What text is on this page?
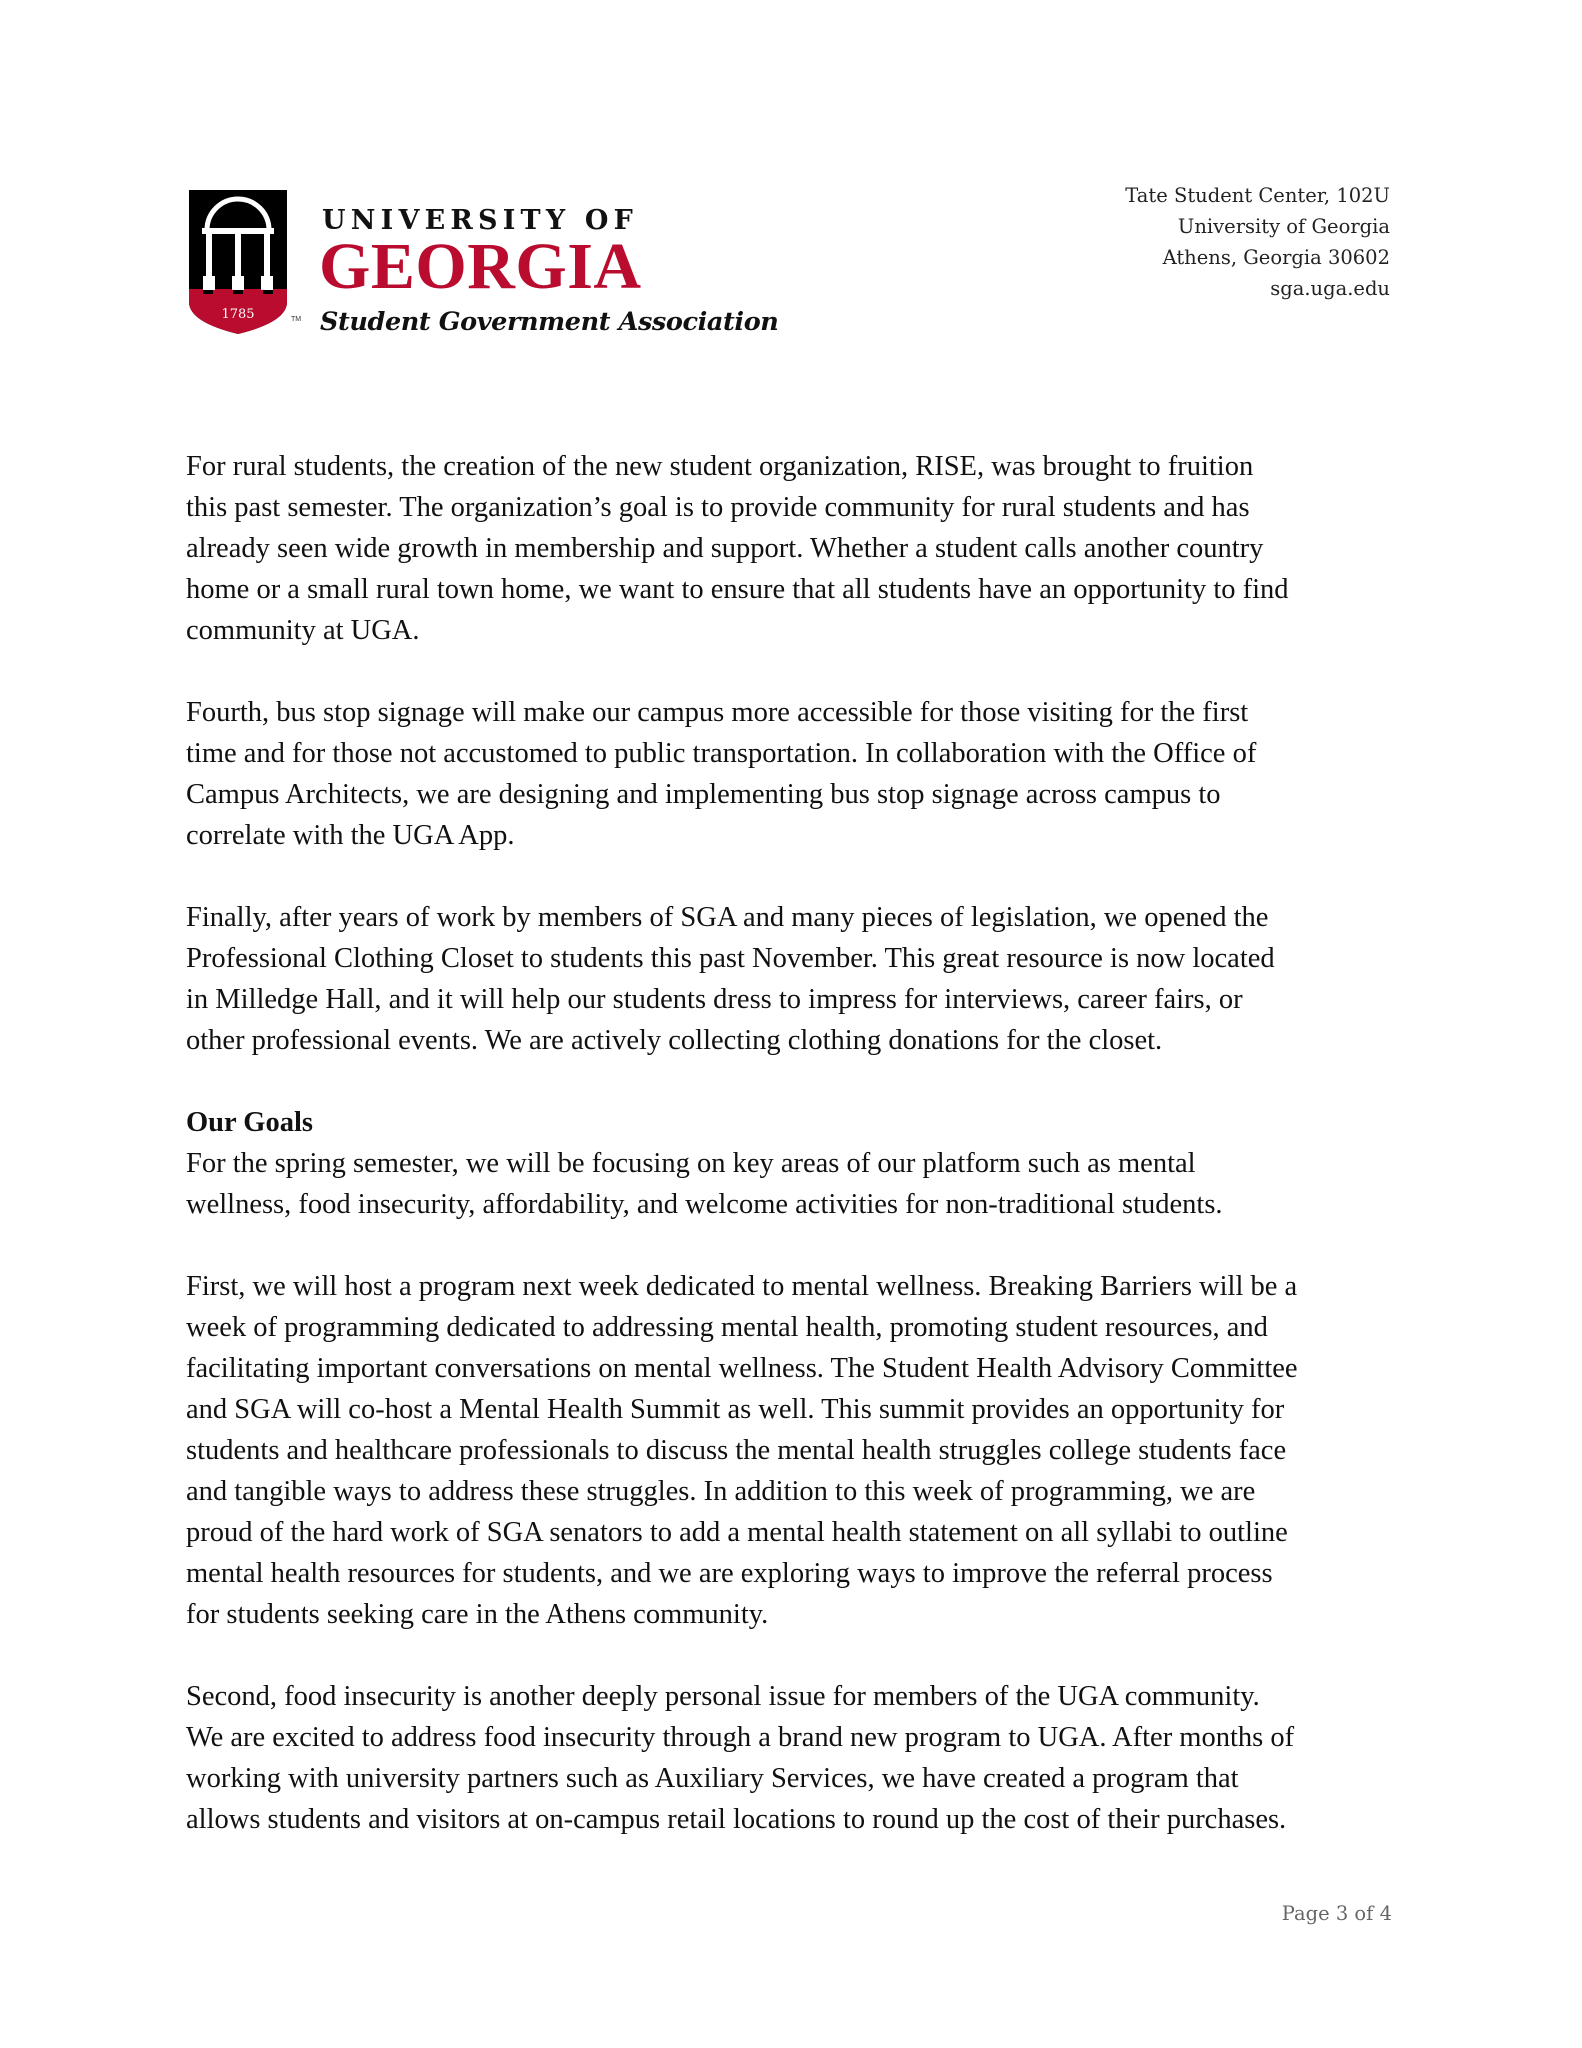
1785	TM
UNIVERSITY OF
GEORGIA
Student Government Association
Tate Student Center, 102U
University of Georgia
Athens, Georgia 30602
sga.uga.edu
For rural students, the creation of the new student organization, RISE, was brought to fruition
this past semester. The organization’s goal is to provide community for rural students and has
already seen wide growth in membership and support. Whether a student calls another country
home or a small rural town home, we want to ensure that all students have an opportunity to find
community at UGA.
Fourth, bus stop signage will make our campus more accessible for those visiting for the first
time and for those not accustomed to public transportation. In collaboration with the Office of
Campus Architects, we are designing and implementing bus stop signage across campus to
correlate with the UGA App.
Finally, after years of work by members of SGA and many pieces of legislation, we opened the
Professional Clothing Closet to students this past November. This great resource is now located
in Milledge Hall, and it will help our students dress to impress for interviews, career fairs, or
other professional events. We are actively collecting clothing donations for the closet.
Our Goals
For the spring semester, we will be focusing on key areas of our platform such as mental
wellness, food insecurity, affordability, and welcome activities for non-traditional students.
First, we will host a program next week dedicated to mental wellness. Breaking Barriers will be a
week of programming dedicated to addressing mental health, promoting student resources, and
facilitating important conversations on mental wellness. The Student Health Advisory Committee
and SGA will co-host a Mental Health Summit as well. This summit provides an opportunity for
students and healthcare professionals to discuss the mental health struggles college students face
and tangible ways to address these struggles. In addition to this week of programming, we are
proud of the hard work of SGA senators to add a mental health statement on all syllabi to outline
mental health resources for students, and we are exploring ways to improve the referral process
for students seeking care in the Athens community.
Second, food insecurity is another deeply personal issue for members of the UGA community.
We are excited to address food insecurity through a brand new program to UGA. After months of
working with university partners such as Auxiliary Services, we have created a program that
allows students and visitors at on-campus retail locations to round up the cost of their purchases.
Page 3 of 4
